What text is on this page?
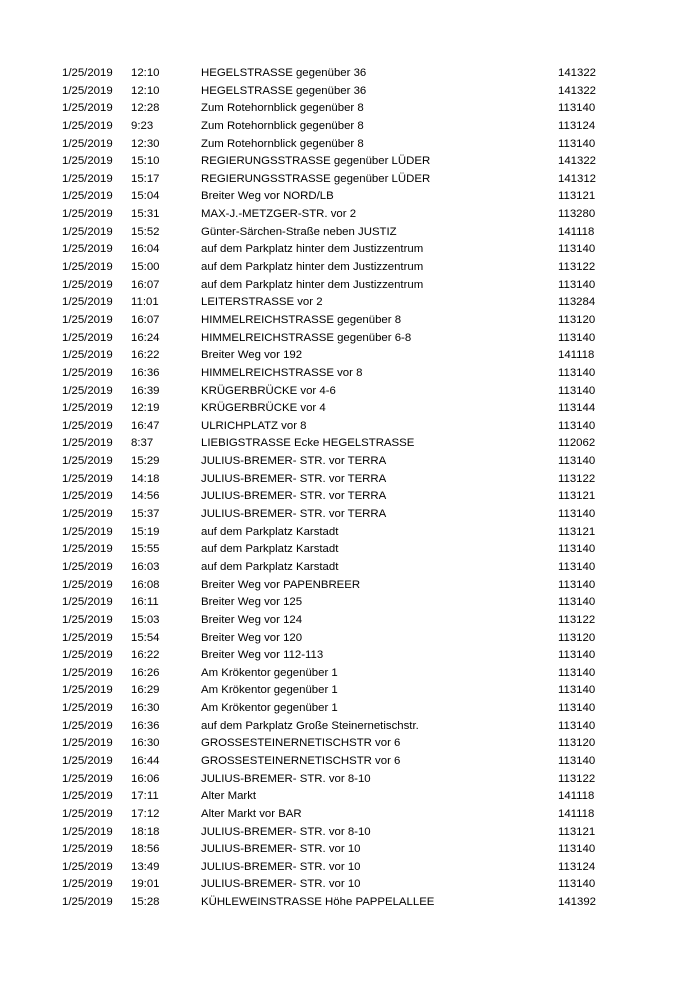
1/25/2019 12:10	HEGELSTRASSE gegenüber 36	141322
1/25/2019 12:10	HEGELSTRASSE gegenüber 36	141322
1/25/2019 12:28	Zum Rotehornblick gegenüber 8	113140
1/25/2019 9:23	Zum Rotehornblick gegenüber 8	113124
1/25/2019 12:30	Zum Rotehornblick gegenüber 8	113140
1/25/2019 15:10	REGIERUNGSSTRASSE gegenüber LÜDER	141322
1/25/2019 15:17	REGIERUNGSSTRASSE gegenüber LÜDER	141312
1/25/2019 15:04	Breiter Weg vor NORD/LB	113121
1/25/2019 15:31	MAX-J.-METZGER-STR. vor 2	113280
1/25/2019 15:52	Günter-Särchen-Straße neben JUSTIZ	141118
1/25/2019 16:04	auf dem Parkplatz hinter dem Justizzentrum	113140
1/25/2019 15:00	auf dem Parkplatz hinter dem Justizzentrum	113122
1/25/2019 16:07	auf dem Parkplatz hinter dem Justizzentrum	113140
1/25/2019 11:01	LEITERSTRASSE vor 2	113284
1/25/2019 16:07	HIMMELREICHSTRASSE gegenüber 8	113120
1/25/2019 16:24	HIMMELREICHSTRASSE gegenüber 6-8	113140
1/25/2019 16:22	Breiter Weg vor 192	141118
1/25/2019 16:36	HIMMELREICHSTRASSE vor 8	113140
1/25/2019 16:39	KRÜGERBRÜCKE vor 4-6	113140
1/25/2019 12:19	KRÜGERBRÜCKE vor 4	113144
1/25/2019 16:47	ULRICHPLATZ vor 8	113140
1/25/2019 8:37	LIEBIGSTRASSE Ecke HEGELSTRASSE	112062
1/25/2019 15:29	JULIUS-BREMER- STR. vor TERRA	113140
1/25/2019 14:18	JULIUS-BREMER- STR. vor TERRA	113122
1/25/2019 14:56	JULIUS-BREMER- STR. vor TERRA	113121
1/25/2019 15:37	JULIUS-BREMER- STR. vor TERRA	113140
1/25/2019 15:19	auf dem Parkplatz Karstadt	113121
1/25/2019 15:55	auf dem Parkplatz Karstadt	113140
1/25/2019 16:03	auf dem Parkplatz Karstadt	113140
1/25/2019 16:08	Breiter Weg vor PAPENBREER	113140
1/25/2019 16:11	Breiter Weg vor 125	113140
1/25/2019 15:03	Breiter Weg vor 124	113122
1/25/2019 15:54	Breiter Weg vor 120	113120
1/25/2019 16:22	Breiter Weg vor 112-113	113140
1/25/2019 16:26	Am Krökentor gegenüber 1	113140
1/25/2019 16:29	Am Krökentor gegenüber 1	113140
1/25/2019 16:30	Am Krökentor gegenüber 1	113140
1/25/2019 16:36	auf dem Parkplatz Große Steinernetischstr.	113140
1/25/2019 16:30	GROSSESTEINERNETISCHSTR vor 6	113120
1/25/2019 16:44	GROSSESTEINERNETISCHSTR vor 6	113140
1/25/2019 16:06	JULIUS-BREMER- STR. vor 8-10	113122
1/25/2019 17:11	Alter Markt	141118
1/25/2019 17:12	Alter Markt vor BAR	141118
1/25/2019 18:18	JULIUS-BREMER- STR. vor 8-10	113121
1/25/2019 18:56	JULIUS-BREMER- STR. vor 10	113140
1/25/2019 13:49	JULIUS-BREMER- STR. vor 10	113124
1/25/2019 19:01	JULIUS-BREMER- STR. vor 10	113140
1/25/2019 15:28	KÜHLEWEINSTRASSE Höhe PAPPELALLEE	141392
